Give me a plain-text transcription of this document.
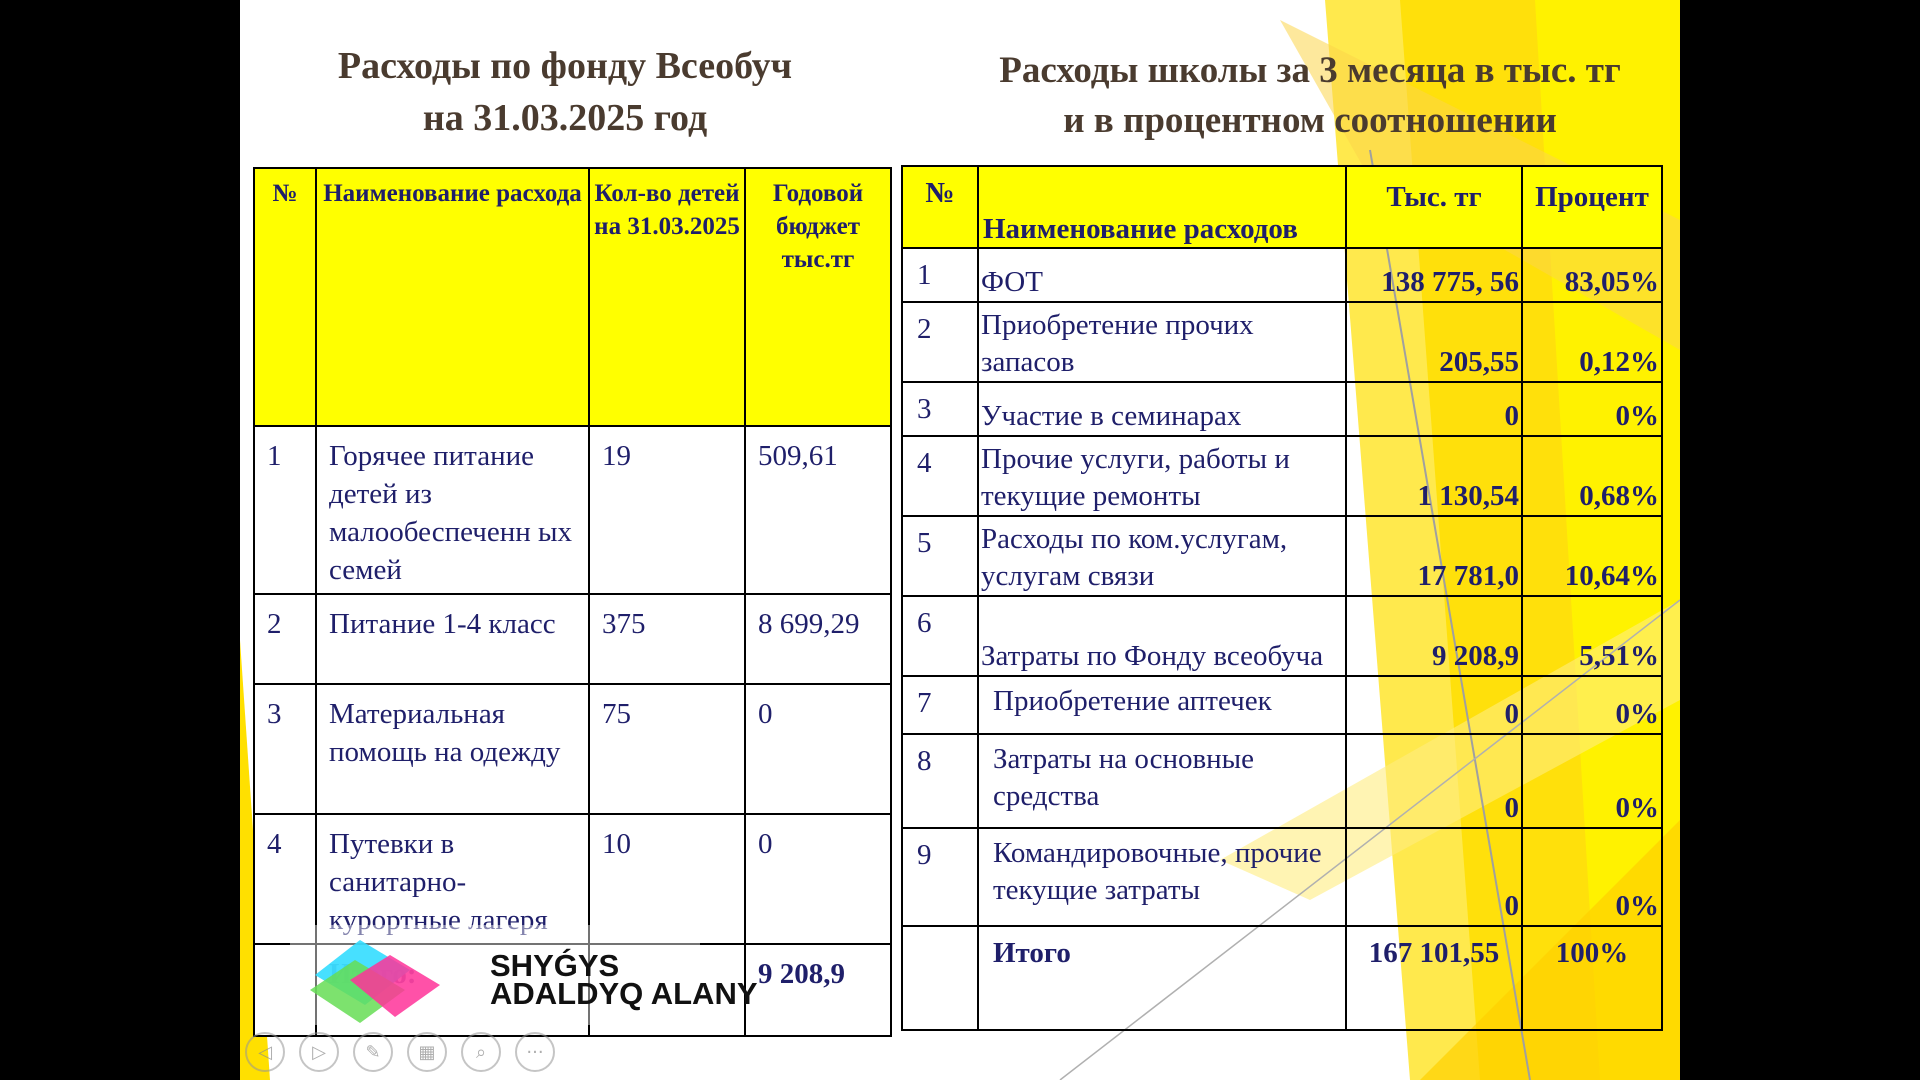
Расходы по фонду Всеобуч
на 31.03.2025 год
Расходы школы за 3 месяца в тыс. тг
и в процентном соотношении
№	Наименование расхода	Кол-во детей на 31.03.2025	Годовой бюджет тыс.тг
1	Горячее питание детей из малообеспеченн ых семей	19	509,61
2	Питание 1-4 класс	375	8 699,29
3	Материальная помощь на одежду	75	0
4	Путевки в санитарно- курортные лагеря	10	0
			9 208,9
№	Наименование расходов	Тыс. тг	Процент
1	ФОТ	138 775, 56	83,05%
2	Приобретение прочих запасов	205,55	0,12%
3	Участие в семинарах	0	0%
4	Прочие услуги, работы и текущие ремонты	1 130,54	0,68%
5	Расходы по ком.услугам, услугам связи	17 781,0	10,64%
6	Затраты по Фонду всеобуча	9 208,9	5,51%
7	Приобретение аптечек	0	0%
8	Затраты на основные средства	0	0%
9	Командировочные, прочие текущие затраты	0	0%
	Итого	167 101,55	100%
SHYǴYS
ADALDYQ ALANY
◁	▷	✎	▦	⌕	···
